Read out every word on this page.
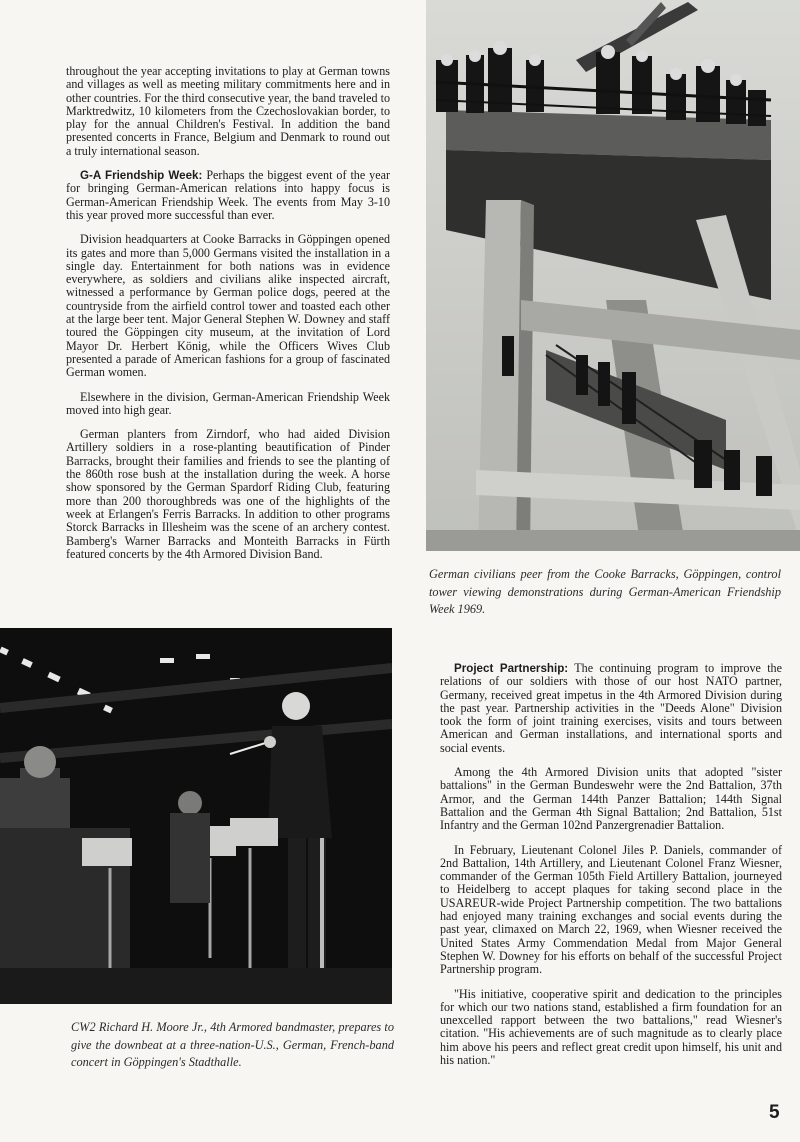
throughout the year accepting invitations to play at German towns and villages as well as meeting military commitments here and in other countries. For the third consecutive year, the band traveled to Marktredwitz, 10 kilometers from the Czechoslovakian border, to play for the annual Children's Festival. In addition the band presented concerts in France, Belgium and Denmark to round out a truly international season.

G-A Friendship Week: Perhaps the biggest event of the year for bringing German-American relations into happy focus is German-American Friendship Week. The events from May 3-10 this year proved more successful than ever.

Division headquarters at Cooke Barracks in Göppingen opened its gates and more than 5,000 Germans visited the installation in a single day. Entertainment for both nations was in evidence everywhere, as soldiers and civilians alike inspected aircraft, witnessed a performance by German police dogs, peered at the countryside from the airfield control tower and toasted each other at the large beer tent. Major General Stephen W. Downey and staff toured the Göppingen city museum, at the invitation of Lord Mayor Dr. Herbert König, while the Officers Wives Club presented a parade of American fashions for a group of fascinated German women.

Elsewhere in the division, German-American Friendship Week moved into high gear.

German planters from Zirndorf, who had aided Division Artillery soldiers in a rose-planting beautification of Pinder Barracks, brought their families and friends to see the planting of the 860th rose bush at the installation during the week. A horse show sponsored by the German Spardorf Riding Club, featuring more than 200 thoroughbreds was one of the highlights of the week at Erlangen's Ferris Barracks. In addition to other programs Storck Barracks in Illesheim was the scene of an archery contest. Bamberg's Warner Barracks and Monteith Barracks in Fürth featured concerts by the 4th Armored Division Band.

German civilians peer from the Cooke Barracks, Göppingen, control tower viewing demonstrations during German-American Friendship Week 1969.
CW2 Richard H. Moore Jr., 4th Armored bandmaster, prepares to give the downbeat at a three-nation-U.S., German, French-band concert in Göppingen's Stadthalle.

Project Partnership: The continuing program to improve the relations of our soldiers with those of our host NATO partner, Germany, received great impetus in the 4th Armored Division during the past year. Partnership activities in the "Deeds Alone" Division took the form of joint training exercises, visits and tours between American and German installations, and international sports and social events.

Among the 4th Armored Division units that adopted "sister battalions" in the German Bundeswehr were the 2nd Battalion, 37th Armor, and the German 144th Panzer Battalion; 144th Signal Battalion and the German 4th Signal Battalion; 2nd Battalion, 51st Infantry and the German 102nd Panzergrenadier Battalion.

In February, Lieutenant Colonel Jiles P. Daniels, commander of 2nd Battalion, 14th Artillery, and Lieutenant Colonel Franz Wiesner, commander of the German 105th Field Artillery Battalion, journeyed to Heidelberg to accept plaques for taking second place in the USAREUR-wide Project Partnership competition. The two battalions had enjoyed many training exchanges and social events during the past year, climaxed on March 22, 1969, when Wiesner received the United States Army Commendation Medal from Major General Stephen W. Downey for his efforts on behalf of the successful Project Partnership program.

"His initiative, cooperative spirit and dedication to the principles for which our two nations stand, established a firm foundation for an unexcelled rapport between the two battalions," read Wiesner's citation. "His achievements are of such magnitude as to clearly place him above his peers and reflect great credit upon himself, his unit and his nation."

5
